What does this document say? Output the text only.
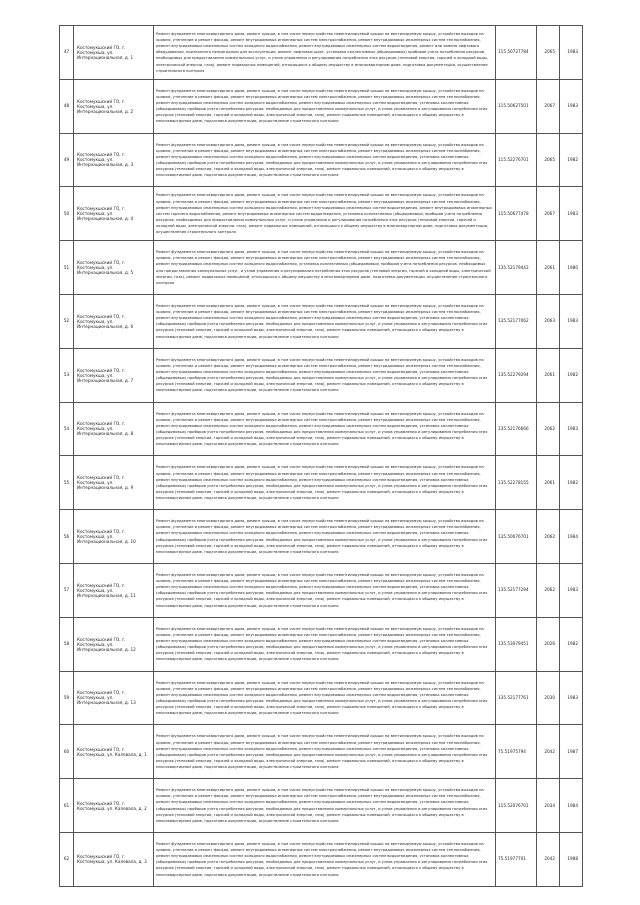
47	Костомукшский ГО, г. Костомукша, ул. Интернациональная, д. 1	Ремонт фундамента многоквартирного дома, ремонт крыши, в том числе переустройство невентилируемой крыши на вентилируемую крышу, устройство выходов на кровлю, утепление и ремонт фасада, ремонт внутридомовых инженерных систем электроснабжения, ремонт внутридомовых инженерных систем теплоснабжения, ремонт внутридомовых инженерных систем холодного водоснабжения, ремонт внутридомовых инженерных систем водоотведения, ремонт или замена лифтового оборудования, признанного непригодным для эксплуатации, ремонт лифтовых шахт, установка коллективных (общедомовых) приборов учета потребления ресурсов, необходимых для предоставления коммунальных услуг, и узлов управления и регулирования потребления этих ресурсов (тепловой энергии, горячей и холодной воды, электрической энергии, газа), ремонт подвальных помещений, относящихся к общему имуществу в многоквартирном доме, подготовка документации, осуществление строительного контроля	115.50727784	2065	1983
48	Костомукшский ГО, г. Костомукша, ул. Интернациональная, д. 2	Ремонт фундамента многоквартирного дома, ремонт крыши, в том числе переустройство невентилируемой крыши на вентилируемую крышу, устройство выходов на кровлю, утепление и ремонт фасада, ремонт внутридомовых инженерных систем электроснабжения, ремонт внутридомовых инженерных систем теплоснабжения, ремонт внутридомовых инженерных систем холодного водоснабжения, ремонт внутридомовых инженерных систем водоотведения, установка коллективных (общедомовых) приборов учета потребления ресурсов, необходимых для предоставления коммунальных услуг, и узлов управления и регулирования потребления этих ресурсов (тепловой энергии, горячей и холодной воды, электрической энергии, газа), ремонт подвальных помещений, относящихся к общему имуществу в многоквартирном доме, подготовка документации, осуществление строительного контроля	115.50627501	2067	1983
49	Костомукшский ГО, г. Костомукша, ул. Интернациональная, д. 3	Ремонт фундамента многоквартирного дома, ремонт крыши, в том числе переустройство невентилируемой крыши на вентилируемую крышу, устройство выходов на кровлю, утепление и ремонт фасада, ремонт внутридомовых инженерных систем электроснабжения, ремонт внутридомовых инженерных систем теплоснабжения, ремонт внутридомовых инженерных систем холодного водоснабжения, ремонт внутридомовых инженерных систем водоотведения, установка коллективных (общедомовых) приборов учета потребления ресурсов, необходимых для предоставления коммунальных услуг, и узлов управления и регулирования потребления этих ресурсов (тепловой энергии, горячей и холодной воды, электрической энергии, газа), ремонт подвальных помещений, относящихся к общему имуществу в многоквартирном доме, подготовка документации, осуществление строительного контроля	115.52276701	2065	1982
50	Костомукшский ГО, г. Костомукша, ул. Интернациональная, д. 4	Ремонт фундамента многоквартирного дома, ремонт крыши, в том числе переустройство невентилируемой крыши на вентилируемую крышу, устройство выходов на кровлю, утепление и ремонт фасада, ремонт внутридомовых инженерных систем электроснабжения, ремонт внутридомовых инженерных систем теплоснабжения, ремонт внутридомовых инженерных систем холодного водоснабжения, ремонт внутридомовых инженерных систем водоотведения, ремонт внутридомовых инженерных систем горячего водоснабжения, ремонт внутридомовых инженерных систем водоотведения, установка коллективных (общедомовых) приборов учета потребления ресурсов, необходимых для предоставления коммунальных услуг, и узлов управления и регулирования потребления этих ресурсов (тепловой энергии, горячей и холодной воды, электрической энергии, газа), ремонт подвальных помещений, относящихся к общему имуществу в многоквартирном доме, подготовка документации, осуществление строительного контроля	115.50677478	2067	1983
51	Костомукшский ГО, г. Костомукша, ул. Интернациональная, д. 5	Ремонт фундамента многоквартирного дома, ремонт крыши, в том числе переустройство невентилируемой крыши на вентилируемую крышу, устройство выходов на кровлю, утепление и ремонт фасада, ремонт внутридомовых инженерных систем электроснабжения, ремонт внутридомовых инженерных систем теплоснабжения, ремонт внутридомовых инженерных систем холодного водоснабжения, установка коллективных (общедомовых) приборов учета потребления ресурсов, необходимых для предоставления коммунальных услуг, и узлов управления и регулирования потребления этих ресурсов (тепловой энергии, горячей и холодной воды, электрической энергии, газа), ремонт подвальных помещений, относящихся к общему имуществу в многоквартирном доме, подготовка документации, осуществление строительного контроля	135.52179442	2061	1980
52	Костомукшский ГО, г. Костомукша, ул. Интернациональная, д. 6	Ремонт фундамента многоквартирного дома, ремонт крыши, в том числе переустройство невентилируемой крыши на вентилируемую крышу, устройство выходов на кровлю, утепление и ремонт фасада, ремонт внутридомовых инженерных систем электроснабжения, ремонт внутридомовых инженерных систем теплоснабжения, ремонт внутридомовых инженерных систем холодного водоснабжения, ремонт внутридомовых инженерных систем водоотведения, установка коллективных (общедомовых) приборов учета потребления ресурсов, необходимых для предоставления коммунальных услуг, и узлов управления и регулирования потребления этих ресурсов (тепловой энергии, горячей и холодной воды, электрической энергии, газа), ремонт подвальных помещений, относящихся к общему имуществу в многоквартирном доме, подготовка документации, осуществление строительного контроля	135.52177062	2063	1983
53	Костомукшский ГО, г. Костомукша, ул. Интернациональная, д. 7	Ремонт фундамента многоквартирного дома, ремонт крыши, в том числе переустройство невентилируемой крыши на вентилируемую крышу, устройство выходов на кровлю, утепление и ремонт фасада, ремонт внутридомовых инженерных систем электроснабжения, ремонт внутридомовых инженерных систем теплоснабжения, ремонт внутридомовых инженерных систем холодного водоснабжения, ремонт внутридомовых инженерных систем водоотведения, установка коллективных (общедомовых) приборов учета потребления ресурсов, необходимых для предоставления коммунальных услуг, и узлов управления и регулирования потребления этих ресурсов (тепловой энергии, горячей и холодной воды, электрической энергии, газа), ремонт подвальных помещений, относящихся к общему имуществу в многоквартирном доме, подготовка документации, осуществление строительного контроля	135.52279294	2061	1982
54	Костомукшский ГО, г. Костомукша, ул. Интернациональная, д. 8	Ремонт фундамента многоквартирного дома, ремонт крыши, в том числе переустройство невентилируемой крыши на вентилируемую крышу, устройство выходов на кровлю, утепление и ремонт фасада, ремонт внутридомовых инженерных систем электроснабжения, ремонт внутридомовых инженерных систем теплоснабжения, ремонт внутридомовых инженерных систем холодного водоснабжения, ремонт внутридомовых инженерных систем водоотведения, установка коллективных (общедомовых) приборов учета потребления ресурсов, необходимых для предоставления коммунальных услуг, и узлов управления и регулирования потребления этих ресурсов (тепловой энергии, горячей и холодной воды, электрической энергии, газа), ремонт подвальных помещений, относящихся к общему имуществу в многоквартирном доме, подготовка документации, осуществление строительного контроля	135.52176666	2062	1983
55	Костомукшский ГО, г. Костомукша, ул. Интернациональная, д. 9	Ремонт фундамента многоквартирного дома, ремонт крыши, в том числе переустройство невентилируемой крыши на вентилируемую крышу, устройство выходов на кровлю, утепление и ремонт фасада, ремонт внутридомовых инженерных систем электроснабжения, ремонт внутридомовых инженерных систем теплоснабжения, ремонт внутридомовых инженерных систем холодного водоснабжения, ремонт внутридомовых инженерных систем водоотведения, установка коллективных (общедомовых) приборов учета потребления ресурсов, необходимых для предоставления коммунальных услуг, и узлов управления и регулирования потребления этих ресурсов (тепловой энергии, горячей и холодной воды, электрической энергии, газа), ремонт подвальных помещений, относящихся к общему имуществу в многоквартирном доме, подготовка документации, осуществление строительного контроля	135.52278155	2061	1982
56	Костомукшский ГО, г. Костомукша, ул. Интернациональная, д. 10	Ремонт фундамента многоквартирного дома, ремонт крыши, в том числе переустройство невентилируемой крыши на вентилируемую крышу, устройство выходов на кровлю, утепление и ремонт фасада, ремонт внутридомовых инженерных систем электроснабжения, ремонт внутридомовых инженерных систем теплоснабжения, ремонт внутридомовых инженерных систем холодного водоснабжения, ремонт внутридомовых инженерных систем водоотведения, установка коллективных (общедомовых) приборов учета потребления ресурсов, необходимых для предоставления коммунальных услуг, и узлов управления и регулирования потребления этих ресурсов (тепловой энергии, горячей и холодной воды, электрической энергии, газа), ремонт подвальных помещений, относящихся к общему имуществу в многоквартирном доме, подготовка документации, осуществление строительного контроля	135.50076701	2062	1984
57	Костомукшский ГО, г. Костомукша, ул. Интернациональная, д. 11	Ремонт фундамента многоквартирного дома, ремонт крыши, в том числе переустройство невентилируемой крыши на вентилируемую крышу, устройство выходов на кровлю, утепление и ремонт фасада, ремонт внутридомовых инженерных систем электроснабжения, ремонт внутридомовых инженерных систем теплоснабжения, ремонт внутридомовых инженерных систем холодного водоснабжения, ремонт внутридомовых инженерных систем водоотведения, установка коллективных (общедомовых) приборов учета потребления ресурсов, необходимых для предоставления коммунальных услуг, и узлов управления и регулирования потребления этих ресурсов (тепловой энергии, горячей и холодной воды, электрической энергии, газа), ремонт подвальных помещений, относящихся к общему имуществу в многоквартирном доме, подготовка документации, осуществление строительного контроля	135.52177294	2062	1983
58	Костомукшский ГО, г. Костомукша, ул. Интернациональная, д. 12	Ремонт фундамента многоквартирного дома, ремонт крыши, в том числе переустройство невентилируемой крыши на вентилируемую крышу, устройство выходов на кровлю, утепление и ремонт фасада, ремонт внутридомовых инженерных систем электроснабжения, ремонт внутридомовых инженерных систем теплоснабжения, ремонт внутридомовых инженерных систем холодного водоснабжения, ремонт внутридомовых инженерных систем водоотведения, установка коллективных (общедомовых) приборов учета потребления ресурсов, необходимых для предоставления коммунальных услуг, и узлов управления и регулирования потребления этих ресурсов (тепловой энергии, горячей и холодной воды, электрической энергии, газа), ремонт подвальных помещений, относящихся к общему имуществу в многоквартирном доме, подготовка документации, осуществление строительного контроля	135.53079451	2026	1982
59	Костомукшский ГО, г. Костомукша, ул. Интернациональная, д. 13	Ремонт фундамента многоквартирного дома, ремонт крыши, в том числе переустройство невентилируемой крыши на вентилируемую крышу, устройство выходов на кровлю, утепление и ремонт фасада, ремонт внутридомовых инженерных систем электроснабжения, ремонт внутридомовых инженерных систем теплоснабжения, ремонт внутридомовых инженерных систем холодного водоснабжения, ремонт внутридомовых инженерных систем водоотведения, установка коллективных (общедомовых) приборов учета потребления ресурсов, необходимых для предоставления коммунальных услуг, и узлов управления и регулирования потребления этих ресурсов (тепловой энергии, горячей и холодной воды, электрической энергии, газа), ремонт подвальных помещений, относящихся к общему имуществу в многоквартирном доме, подготовка документации, осуществление строительного контроля	135.52177761	2030	1983
60	Костомукшский ГО, г. Костомукша, ул. Калевала, д. 1	Ремонт фундамента многоквартирного дома, ремонт крыши, в том числе переустройство невентилируемой крыши на вентилируемую крышу, устройство выходов на кровлю, утепление и ремонт фасада, ремонт внутридомовых инженерных систем электроснабжения, ремонт внутридомовых инженерных систем теплоснабжения, ремонт внутридомовых инженерных систем холодного водоснабжения, ремонт внутридомовых инженерных систем водоотведения, установка коллективных (общедомовых) приборов учета потребления ресурсов, необходимых для предоставления коммунальных услуг, и узлов управления и регулирования потребления этих ресурсов (тепловой энергии, горячей и холодной воды, электрической энергии, газа), ремонт подвальных помещений, относящихся к общему имуществу в многоквартирном доме, подготовка документации, осуществление строительного контроля	75.51975794	2042	1987
61	Костомукшский ГО, г. Костомукша, ул. Калевала, д. 2	Ремонт фундамента многоквартирного дома, ремонт крыши, в том числе переустройство невентилируемой крыши на вентилируемую крышу, устройство выходов на кровлю, утепление и ремонт фасада, ремонт внутридомовых инженерных систем электроснабжения, ремонт внутридомовых инженерных систем теплоснабжения, ремонт внутридомовых инженерных систем холодного водоснабжения, ремонт внутридомовых инженерных систем водоотведения, установка коллективных (общедомовых) приборов учета потребления ресурсов, необходимых для предоставления коммунальных услуг, и узлов управления и регулирования потребления этих ресурсов (тепловой энергии, горячей и холодной воды, электрической энергии, газа), ремонт подвальных помещений, относящихся к общему имуществу в многоквартирном доме, подготовка документации, осуществление строительного контроля	115.52076701	2034	1984
62	Костомукшский ГО, г. Костомукша, ул. Калевала, д. 3	Ремонт фундамента многоквартирного дома, ремонт крыши, в том числе переустройство невентилируемой крыши на вентилируемую крышу, устройство выходов на кровлю, утепление и ремонт фасада, ремонт внутридомовых инженерных систем электроснабжения, ремонт внутридомовых инженерных систем теплоснабжения, ремонт внутридомовых инженерных систем холодного водоснабжения, ремонт внутридомовых инженерных систем водоотведения, установка коллективных (общедомовых) приборов учета потребления ресурсов, необходимых для предоставления коммунальных услуг, и узлов управления и регулирования потребления этих ресурсов (тепловой энергии, горячей и холодной воды, электрической энергии, газа), ремонт подвальных помещений, относящихся к общему имуществу в многоквартирном доме, подготовка документации, осуществление строительного контроля	75.51977701	2042	1988
